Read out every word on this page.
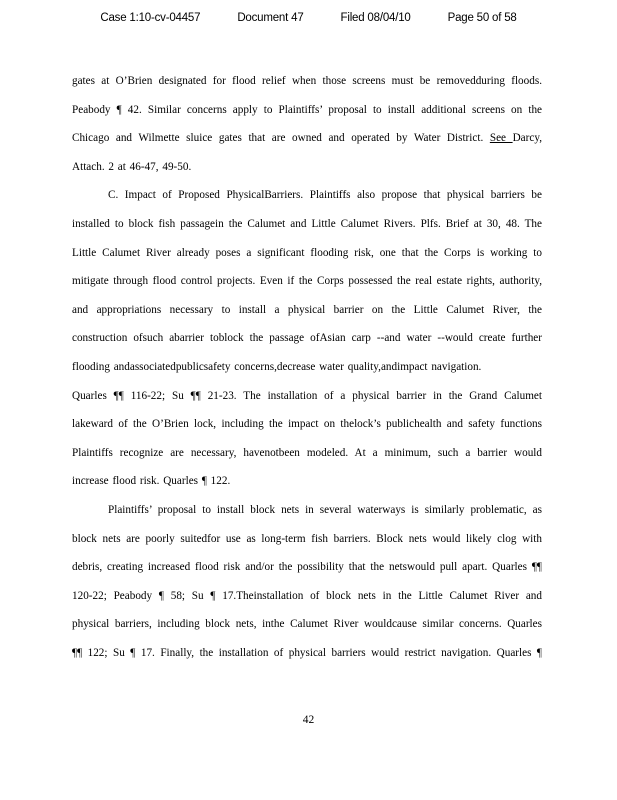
Case 1:10-cv-04457	Document 47	Filed 08/04/10	Page 50 of 58
gates at O’Brien designated for flood relief when those screens must be removedduring floods.
Peabody ¶ 42. Similar concerns apply to Plaintiffs’ proposal to install additional screens on the
Chicago and Wilmette sluice gates that are owned and operated by Water District. See Darcy,
Attach. 2 at 46-47, 49-50.
C. Impact of Proposed PhysicalBarriers. Plaintiffs also propose that physical barriers be
installed to block fish passagein the Calumet and Little Calumet Rivers. Plfs. Brief at 30, 48. The
Little Calumet River already poses a significant flooding risk, one that the Corps is working to
mitigate through flood control projects. Even if the Corps possessed the real estate rights, authority,
and appropriations necessary to install a physical barrier on the Little Calumet River, the
construction ofsuch abarrier toblock the passage ofAsian carp --and water --would create further
flooding andassociatedpublicsafety concerns,decrease water quality,andimpact navigation.
Quarles ¶¶ 116-22; Su ¶¶ 21-23. The installation of a physical barrier in the Grand Calumet
lakeward of the O’Brien lock, including the impact on thelock’s publichealth and safety functions
Plaintiffs recognize are necessary, havenotbeen modeled. At a minimum, such a barrier would
increase flood risk. Quarles ¶ 122.
Plaintiffs’ proposal to install block nets in several waterways is similarly problematic, as
block nets are poorly suitedfor use as long-term fish barriers. Block nets would likely clog with
debris, creating increased flood risk and/or the possibility that the netswould pull apart. Quarles ¶¶
120-22; Peabody ¶ 58; Su ¶ 17.Theinstallation of block nets in the Little Calumet River and
physical barriers, including block nets, inthe Calumet River wouldcause similar concerns. Quarles
¶¶ 122; Su ¶ 17. Finally, the installation of physical barriers would restrict navigation. Quarles ¶
42
